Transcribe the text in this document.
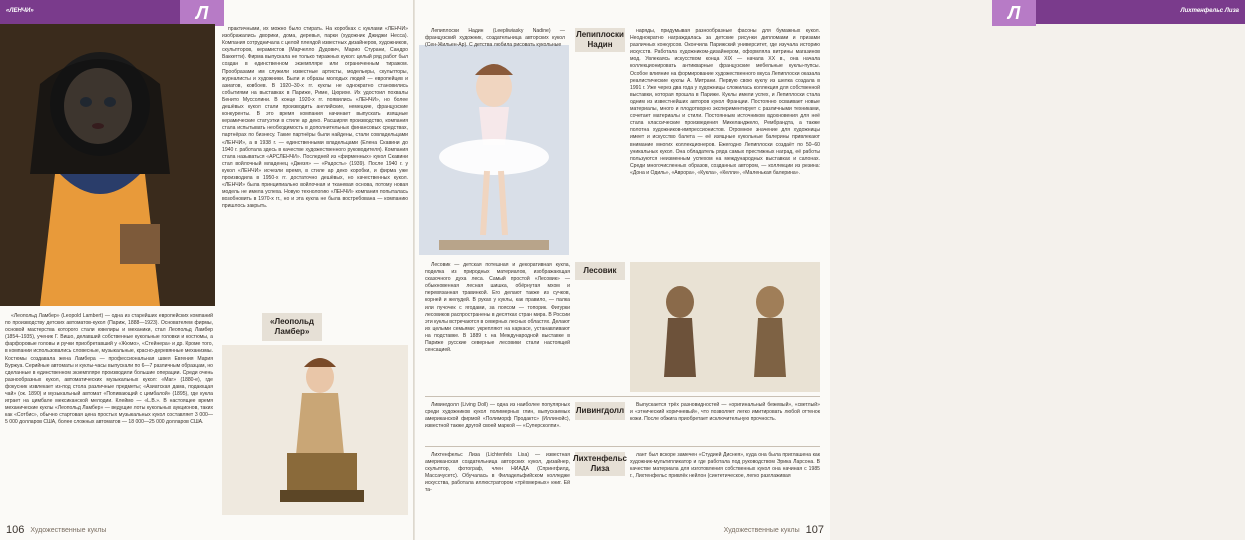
«ЛЕНЧИ»	Л

практичными, их можно было стирать. На коробках с куклами «ЛЕНЧИ» изображались дворики, дома, деревья, парки (художник Джиджи Несса). Компания сотрудничала с целой плеядой известных дизайнеров, художников, скульпторов, керамистов (Марчелло Дудович, Марио Стурани, Сандро Ваккетти). Фирма выпускала не только тиражных кукол: целый ряд работ был создан в единственном экземпляре или ограниченным тиражом. Прообразами им служили известные артисты, модельеры, скульпторы, журналисты и художники. Были и образы молодых людей — европейцев и азиатов, ковбоев. В 1920–30-х гг. куклы не однократно становились событиями на выставках в Париже, Риме, Цюрихе. Их удостоил похвалы Бенито Муссолини. В конце 1920-х гг. появились «ЛЕНЧИ», но более дешёвых кукол стали производить английские, немецкие, французские конкуренты. В это время компания начинает выпускать изящные керамические статуэтки в стиле ар деко. Расширяя производство, компания стала испытывать необходимость в дополнительных финансовых средствах, партнёрах по бизнесу. Такие партнёры были найдены, стали совладельцами «ЛЕНЧИ», а в 1938 г. — единственными владельцами (Елена Скавини до 1940 г. работала здесь в качестве художественного руководителя). Компания стала называться «АРСЛЕНЧИ». Последней из «фирменных» кукол Скавини стал войлочный младенец «Джезя» — «Радость» (1939). После 1940 г. у кукол «ЛЕНЧИ» исчезли время, в стиле ар деко коробки, и фирма уже производила в 1950-х гг. достаточно дешёвых, но качественных кукол. «ЛЕНЧИ» была принципиально войлочная и тканевая основа, потому новая модель не имела успеха. Новую технологию «ЛЕНЧИ» компания попыталась возобновить в 1970-х гг., но и эта кукла не была востребована — компанию пришлось закрыть.

«Леопольд Ламбер»

«Леопольд Ламбер» (Leopold Lambert) — одна из старейших европейских компаний по производству детских автоматов-кукол (Париж, 1888—1923). Основателем фирмы, основой мастерства которого стали ювелиры и механики, стал Леопольд Ламбер (1854–1935), ученик Г. Вишо, делавший собственные кукольные головки и костюмы, а фарфоровые головы и ручки приобретавший у «Жюмо», «Стейнера» и др. Кроме того, в компании использовались словесные, музыкальные, красно-деревянные механизмы. Костюмы создавала жена Ламбера — профессиональная швея Евгения Мария Буржуа. Серийные автоматы и куклы-часы выпускали по 6—7 различным образцам, но сделанные в единственном экземпляре производили большие операции. Среди очень разнообразных кукол, автоматических музыкальных кукол: «Маг» (1880-е), где фокусник извлекает из-под стола различные предметы; «Азиатская дама, подающая чай» (ок. 1890) и музыкальный автомат «Попивающий с цимбалой» (1895), где кукла играет на цимбале мексиканской мелодии. Клеймо — «L.B.». В настоящее время механические куклы «Леопольд Ламбер» — ведущие лоты кукольных аукционов, таких как «Сотбис», обычно стартовая цена простых музыкальных кукол составляет 3 000—5 000 долларов США, более сложных автоматов — 18 000—25 000 долларов США.

106 Художественные куклы
Л	Лихтенфельс Лиза

Лепиплоски Надин (Leepliwiasky Nadine) — французский художник, создательница авторских кукол (Сен-Жильен-Ар). С детства любила рисовать кукольные

Лепиплоски Надин

наряды, придумывая разнообразные фасоны для бумажных кукол. Неоднократно награждалась за детские рисунки дипломами и призами различных конкурсов. Окончила Парижский университет, где изучала историю искусств. Работала художником-дизайнером, оформляла витрины магазинов мод. Увлекаясь искусством конца XIX — начала XX в., она начала коллекционировать антикварные французские мебельные куклы-пупсы. Особое влияние на формирование художественного вкуса Лепиплоски оказала реалистические куклы А. Митрани. Первую свою куклу из шелка создала в 1991 г. Уже через два года у художницы сложилась коллекция для собственной выставки, которая прошла в Париже. Куклы имели успех, и Лепиплоски стала одним из известнейших авторов кукол Франции. Постоянно осваивает новые материалы, много и плодотворно экспериментирует с различными техниками, сочетает материалы и стили. Постоянным источником вдохновения для неё стала классические произведения Микеланджело, Рембрандта, а также полотна художников-импрессионистов. Огромное значение для художницы имеет и искусство балета — её изящные кукольные балерины привлекают внимание многих коллекционеров. Ежегодно Лепиплоски создаёт по 50–60 уникальных кукол. Она обладатель ряда самых престижных наград, её работы пользуются неизменным успехом на международных выставках и салонах. Среди многочисленных образов, созданных автором, — коллекции из резина: «Дона и Одиль», «Аврора», «Кукла», «Келли», «Маленькая балерина».

Лесовик — детская потешная и декоративная кукла, поделка из природных материалов, изображающая сказочного духа леса. Самый простой «Лесовик» — обыкновенная лесная шишка, обёрнутая мхом и перевязанная травинкой. Его делают также из сучков, корней и желудей. В руках у куклы, как правило, — палка или пучочек с ягодами, за поясом — топорик. Фигурки лесовиков распространены в десятках стран мира. В России эти куклы встречаются в северных лесных областях. Делают их целыми семьями: укрепляют на каркасе, устанавливают на подставке. В 1889 г. на Международной выставке в Париже русские северные лесовики стали настоящей сенсацией.

Лесовик

Ливингдолл (Living Doll) — одна из наиболее популярных среди художников кукол полимерных глин, выпускаемых американской фирмой «Полиморф Продактс» (Иллинойс), известной также другой своей маркой — «Суперсколпи».

Ливингдолл

Выпускается трёх разновидностей — «оригинальный бежевый», «светлый» и «этнический коричневый», что позволяет легко имитировать любой оттенок кожи. После обжига приобретает исключительную прочность.

Лихтенфельс Лиза (Lichtenfels Lisa) — известная американская создательница авторских кукол, дизайнер, скульптор, фотограф, член НИАДА (Спрингфилд, Массачусетс). Обучалась в Филадельфийском колледже искусства, работала иллюстратором «трёхмерных» книг. Ей та-

Лихтенфельс Лиза

лант был вскоре замечен «Студией Диснея», куда она была приглашена как художник-мультипликатор и где работала под руководством Эрика Ларсона. В качестве материала для изготовления собственных кукол она начиная с 1985 г., Лихтенфельс привлёк нейлон (синтетическое, легко разглаживая

Художественные куклы 107
